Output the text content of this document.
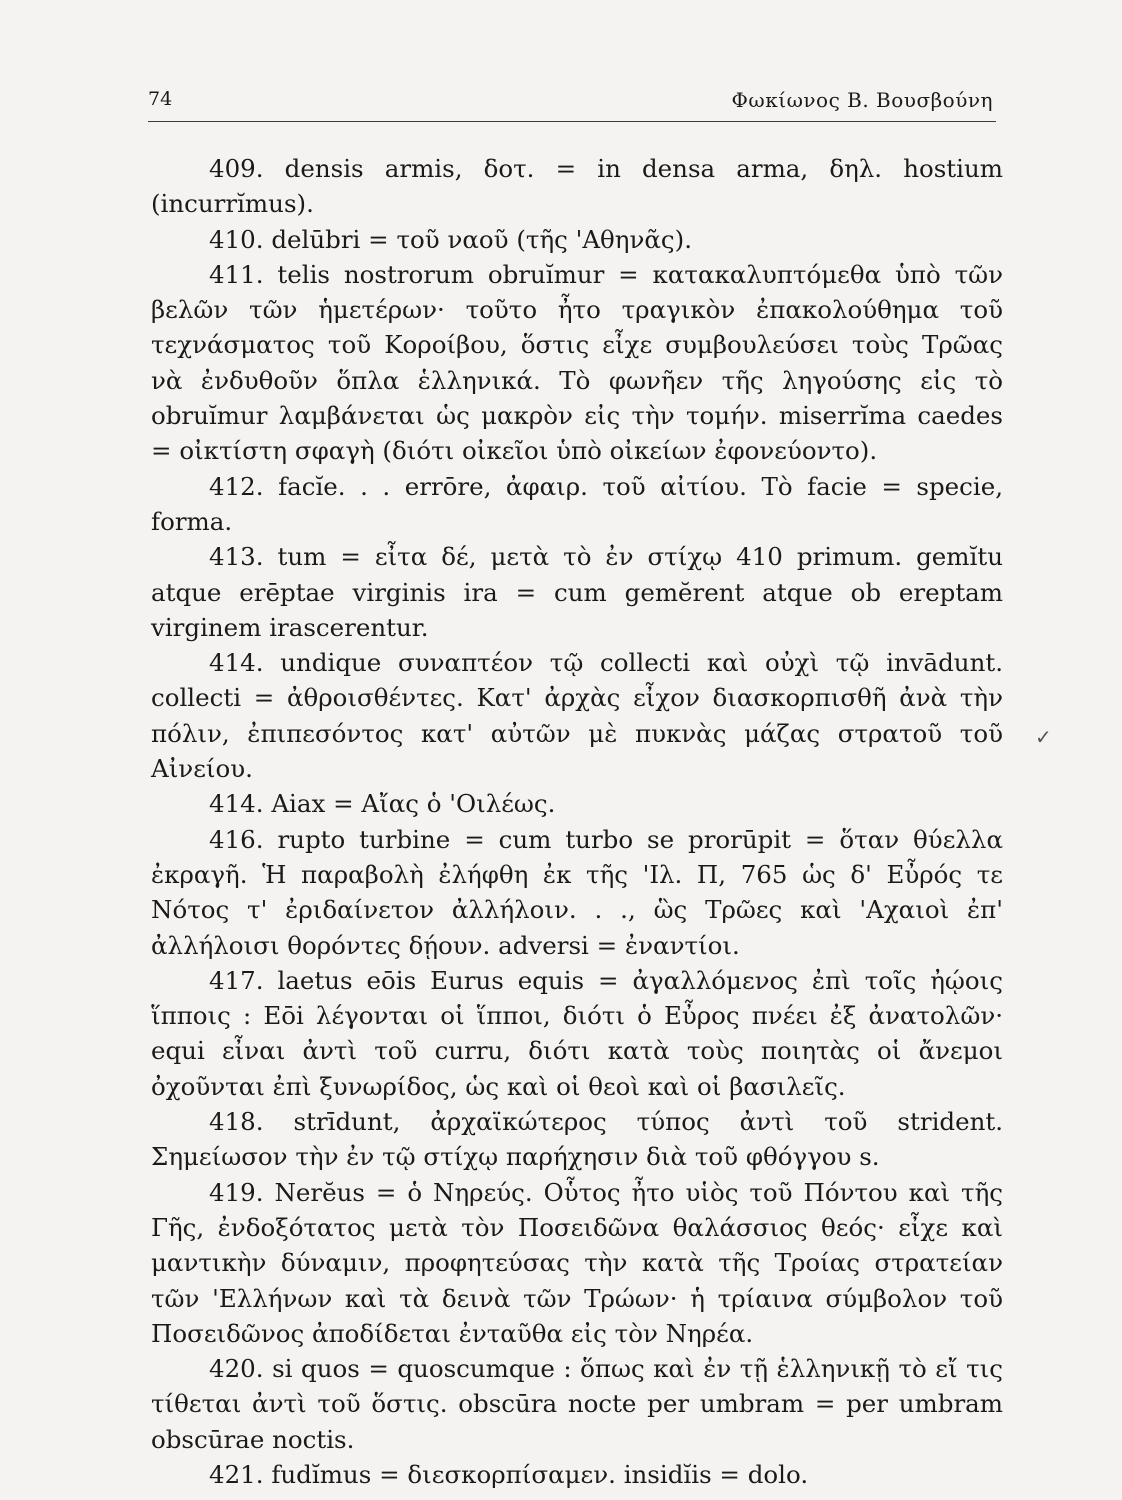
74	Φωκίωνος Β. Βουσβούνη

409. densis armis, δοτ. = in densa arma, δηλ. hostium (incurrĭmus).

410. delūbri = τοῦ ναοῦ (τῆς 'Αθηνᾶς).

411. telis nostrorum obruĭmur = κατακαλυπτόμεθα ὑπὸ τῶν βελῶν τῶν ἡμετέρων· τοῦτο ἦτο τραγικὸν ἐπακολούθημα τοῦ τεχνάσματος τοῦ Κοροίβου, ὅστις εἶχε συμβουλεύσει τοὺς Τρῶας νὰ ἐνδυθοῦν ὅπλα ἑλληνικά. Τὸ φωνῆεν τῆς ληγούσης εἰς τὸ obruĭmur λαμβάνεται ὡς μακρὸν εἰς τὴν τομήν. miserrĭma caedes = οἰκτίστη σφαγὴ (διότι οἰκεῖοι ὑπὸ οἰκείων ἐφονεύοντο).

412. facĭe. . . errōre, ἀφαιρ. τοῦ αἰτίου. Τὸ facie = specie, forma.

413. tum = εἶτα δέ, μετὰ τὸ ἐν στίχῳ 410 primum. gemĭtu atque erēptae virginis ira = cum gemĕrent atque ob ereptam virginem irascerentur.

414. undique συναπτέον τῷ collecti καὶ οὐχὶ τῷ invādunt. collecti = ἀθροισθέντες. Κατ' ἀρχὰς εἶχον διασκορπισθῆ ἀνὰ τὴν πόλιν, ἐπιπεσόντος κατ' αὐτῶν μὲ πυκνὰς μάζας στρατοῦ τοῦ Αἰνείου.

414. Aiax = Αἴας ὁ 'Οιλέως.

416. rupto turbine = cum turbo se prorūpit = ὅταν θύελλα ἐκραγῆ. Ἡ παραβολὴ ἐλήφθη ἐκ τῆς 'Ιλ. Π, 765 ὡς δ' Εὖρός τε Νότος τ' ἐριδαίνετον ἀλλήλοιν. . ., ὣς Τρῶες καὶ 'Αχαιοὶ ἐπ' ἀλλήλοισι θορόντες δῄουν. adversi = ἐναντίοι.

417. laetus eōis Eurus equis = ἀγαλλόμενος ἐπὶ τοῖς ἠῴοις ἵπποις : Eōi λέγονται οἱ ἵπποι, διότι ὁ Εὖρος πνέει ἐξ ἀνατολῶν· equi εἶναι ἀντὶ τοῦ curru, διότι κατὰ τοὺς ποιητὰς οἱ ἄνεμοι ὀχοῦνται ἐπὶ ξυνωρίδος, ὡς καὶ οἱ θεοὶ καὶ οἱ βασιλεῖς.

418. strīdunt, ἀρχαϊκώτερος τύπος ἀντὶ τοῦ strident. Σημείωσον τὴν ἐν τῷ στίχῳ παρήχησιν διὰ τοῦ φθόγγου s.

419. Nerĕus = ὁ Νηρεύς. Οὗτος ἦτο υἱὸς τοῦ Πόντου καὶ τῆς Γῆς, ἐνδοξότατος μετὰ τὸν Ποσειδῶνα θαλάσσιος θεός· εἶχε καὶ μαντικὴν δύναμιν, προφητεύσας τὴν κατὰ τῆς Τροίας στρατείαν τῶν 'Ελλήνων καὶ τὰ δεινὰ τῶν Τρώων· ἡ τρίαινα σύμβολον τοῦ Ποσειδῶνος ἀποδίδεται ἐνταῦθα εἰς τὸν Νηρέα.

420. si quos = quoscumque : ὅπως καὶ ἐν τῇ ἑλληνικῇ τὸ εἴ τις τίθεται ἀντὶ τοῦ ὅστις. obscūra nocte per umbram = per umbram obscūrae noctis.

421. fudĭmus = διεσκορπίσαμεν. insidĭis = dolo.

✓
